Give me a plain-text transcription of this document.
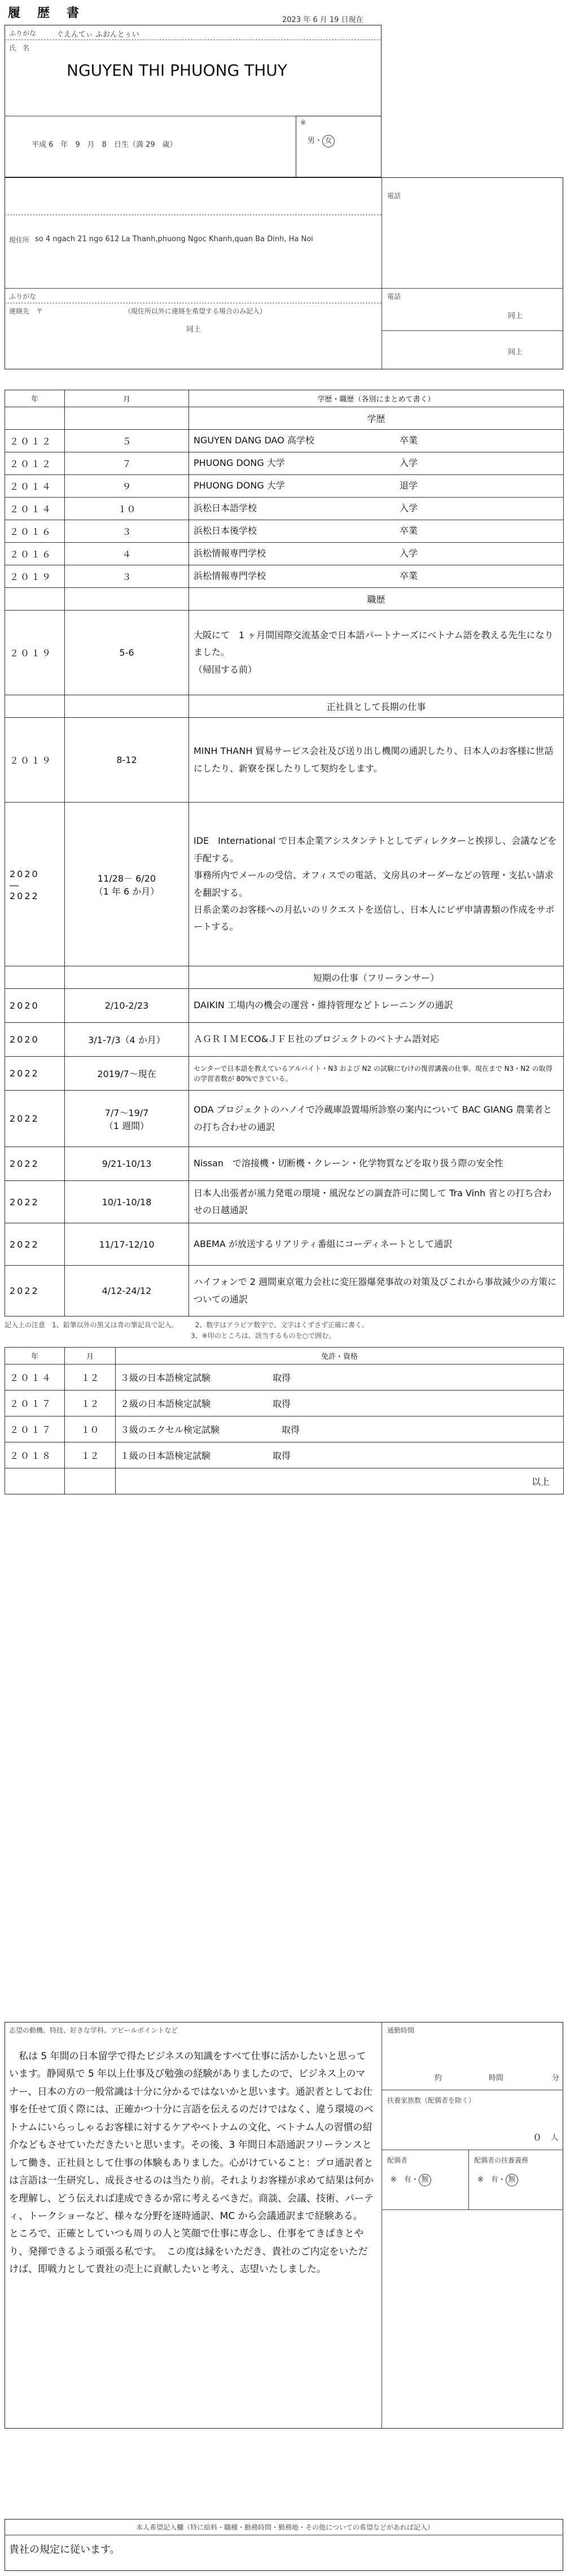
履　歴　書	2023 年 6 月 19 日現在
ふりがな	ぐえんてぃ ふおんとぅい
氏　名
NGUYEN THI PHUONG THUY
平成 6　年　9　月　8　日生（満 29　歳）
※
男・ 女
電話
現住所 so 4 ngach 21 ngo 612 La Thanh,phuong Ngoc Khanh,quan Ba Dinh, Ha Noi
ふりがな
連絡先　〒	（現住所以外に連絡を希望する場合のみ記入）
同上
電話
同上
同上
年	月	学歴・職歴（各別にまとめて書く）
		学歴
２０１２	５	NGUYEN DANG DAO 高学校 卒業

２０１２	７	PHUONG DONG 大学 入学

２０１４	９	PHUONG DONG 大学 退学

２０１４	１０	浜松日本語学校 入学

２０１６	３	浜松日本後学校 卒業

２０１６	４	浜松情報専門学校 入学

２０１９	３	浜松情報専門学校 卒業

		職歴
２０１９	5-6	大阪にて　1 ヶ月間国際交流基金で日本語パートナーズにベトナム語を教える先生になりました。
（帰国する前）
		正社員として長期の仕事
２０１９	8-12	MINH THANH 貿易サービス会社及び送り出し機関の通訳したり、日本人のお客様に世話にしたり、新寮を探したりして契約をします。
2020　―
2022	11/28－ 6/20
（1 年 6 か月）	IDE　International で日本企業アシスタンテトとしてディレクターと挨拶し、会議などを手配する。
事務所内でメールの受信、オフィスでの電話、文房具のオーダーなどの管理・支払い請求を翻訳する。
日系企業のお客様への月払いのリクエストを送信し、日本人にビザ申請書類の作成をサポートする。
		短期の仕事（フリーランサー）
2020	2/10-2/23	DAIKIN 工場内の機会の運営・維持管理などトレーニングの通訳
2020	3/1-7/3（4 か月）	ＡＧＲＩＭＥCO&ＪＦＥ社のプロジェクトのベトナム語対応
2022	2019/7〜現在	センターで日本語を教えているアルバイト・N3 および N2 の試験にむけの復習講義の仕事。現在まで N3・N2 の取得の学習者数が 80%できている。
2022	7/7〜19/7
（1 週間）	ODA プロジェクトのハノイで冷蔵庫設置場所診察の案内について BAC GIANG 農業者との打ち合わせの通訳
2022	9/21-10/13	Nissan　で溶接機・切断機・クレーン・化学物質などを取り扱う際の安全性
2022	10/1-10/18	日本人出張者が風力発電の環境・風況などの調査許可に関して Tra Vinh 省との打ち合わせの日越通訳
2022	11/17-12/10	ABEMA が放送するリアリティ番組にコーディネートとして通訳
2022	4/12-24/12	ハイフォンで 2 週間東京電力会社に変圧器爆発事故の対策及びこれから事故減少の方策についての通訳
記入上の注意　1、鉛筆以外の黒又は青の筆記具で記入。　　　2、数字はアラビア数字で、文字はくずさず正確に書く。
3、※印のところは、該当するものを○で囲む。
年	月	免許・資格
２０１４	１２	３級の日本語検定試験 取得
２０１７	１２	２級の日本語検定試験 取得
２０１７	１０	３級のエクセル検定試験 取得
２０１８	１２	１級の日本語検定試験 取得
		以上
志望の動機、特技、好きな学科、アピールポイントなど
私は 5 年間の日本留学で得たビジネスの知識をすべて仕事に活かしたいと思っています。静岡県で 5 年以上仕事及び勉強の経験がありましたので、ビジネス上のマナー、日本の方の一般常識は十分に分かるではないかと思います。通訳者としてお仕事を任せて頂く際には、正確かつ十分に言語を伝えるのだけではなく、違う環境のベトナムにいらっしゃるお客様に対するケアやベトナムの文化、ベトナム人の習慣の紹介などもさせていただきたいと思います。その後、3 年間日本語通訳フリーランスとして働き、正社員として仕事の体験もありました。心がけていること：プロ通訳者とは言語は一生研究し、成長させるのは当たり前。それよりお客様が求めて結果は何かを理解し、どう伝えれば達成できるか常に考えるべきだ。商談、会議、技術、パーティ、トークショーなど、様々な分野を逐時通訳、MC から会議通訳まで経験ある。
ところで、正確としていつも周りの人と笑顔で仕事に専念し、仕事をてきぱきとやり、発揮できるよう頑張る私です。　この度は縁をいただき、貴社のご内定をいただけば、即戦力として貴社の売上に貢献したいと考え、志望いたしました。
通勤時間
約	時間	分
扶養家族数（配偶者を除く）
０ 人
配偶者
※　有・ 無
配偶者の扶養義務
※　有・ 無
本人希望記入欄（特に給料・職種・勤務時間・勤務地・その他についての希望などがあれば記入）
貴社の規定に従います。
